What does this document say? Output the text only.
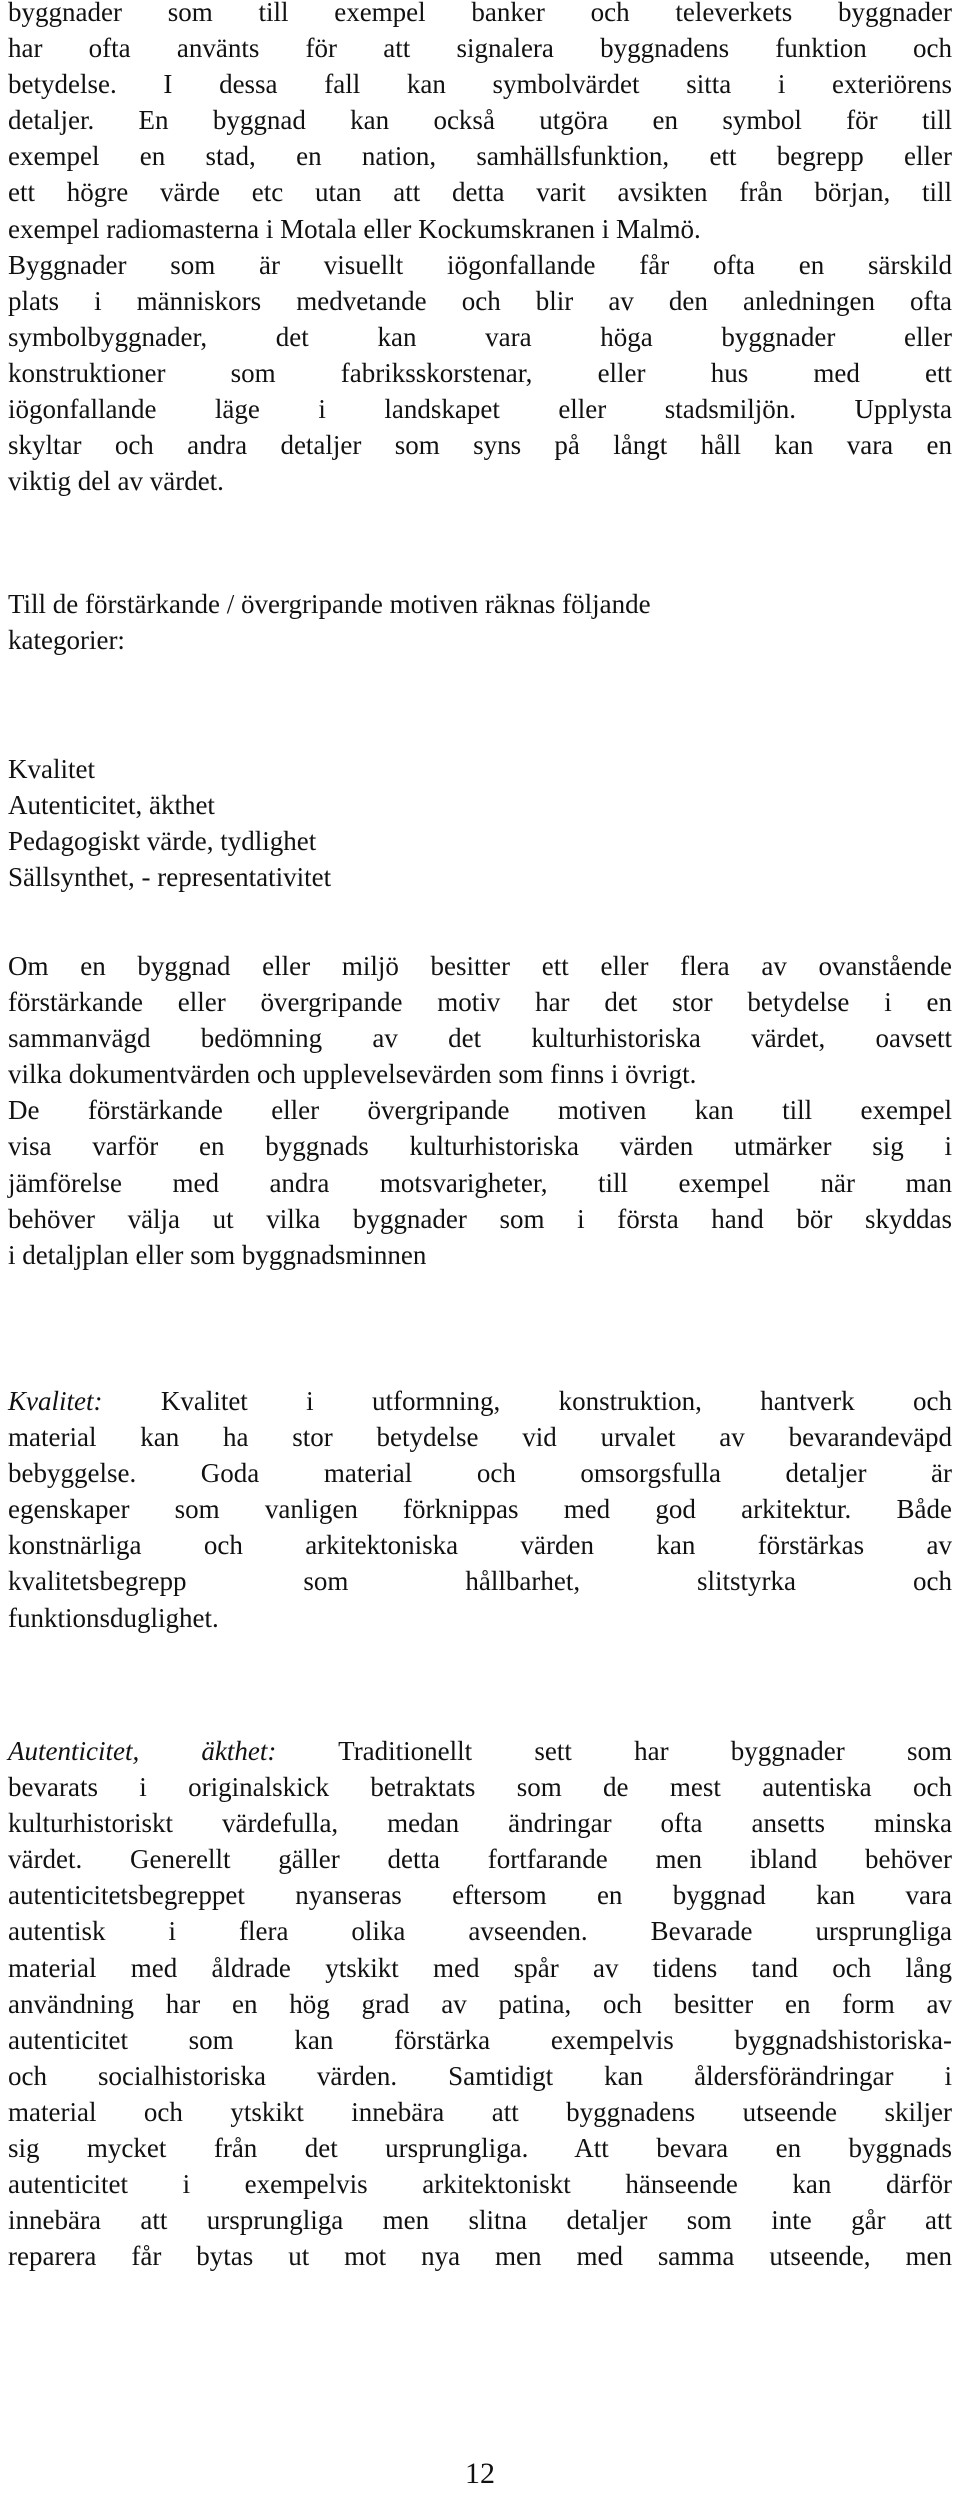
byggnader som till exempel banker och televerkets byggnader
har ofta använts för att signalera byggnadens funktion och
betydelse. I dessa fall kan symbolvärdet sitta i exteriörens
detaljer. En byggnad kan också utgöra en symbol för till
exempel en stad, en nation, samhällsfunktion, ett begrepp eller
ett högre värde etc utan att detta varit avsikten från början, till
exempel radiomasterna i Motala eller Kockumskranen i Malmö.
Byggnader som är visuellt iögonfallande får ofta en särskild
plats i människors medvetande och blir av den anledningen ofta
symbolbyggnader, det kan vara höga byggnader eller
konstruktioner som fabriksskorstenar, eller hus med ett
iögonfallande läge i landskapet eller stadsmiljön. Upplysta
skyltar och andra detaljer som syns på långt håll kan vara en
viktig del av värdet.
Till de förstärkande / övergripande motiven räknas följande
kategorier:
Kvalitet
Autenticitet, äkthet
Pedagogiskt värde, tydlighet
Sällsynthet, - representativitet
Om en byggnad eller miljö besitter ett eller flera av ovanstående
förstärkande eller övergripande motiv har det stor betydelse i en
sammanvägd bedömning av det kulturhistoriska värdet, oavsett
vilka dokumentvärden och upplevelsevärden som finns i övrigt.
De förstärkande eller övergripande motiven kan till exempel
visa varför en byggnads kulturhistoriska värden utmärker sig i
jämförelse med andra motsvarigheter, till exempel när man
behöver välja ut vilka byggnader som i första hand bör skyddas
i detaljplan eller som byggnadsminnen
Kvalitet: Kvalitet i utformning, konstruktion, hantverk och
material kan ha stor betydelse vid urvalet av bevarandeväрd
bebyggelse. Goda material och omsorgsfulla detaljer är
egenskaper som vanligen förknippas med god arkitektur. Både
konstnärliga och arkitektoniska värden kan förstärkas av
kvalitetsbegrepp som hållbarhet, slitstyrka och
funktionsduglighet.
Autenticitet, äkthet: Traditionellt sett har byggnader som
bevarats i originalskick betraktats som de mest autentiska och
kulturhistoriskt värdefulla, medan ändringar ofta ansetts minska
värdet. Generellt gäller detta fortfarande men ibland behöver
autenticitetsbegreppet nyanseras eftersom en byggnad kan vara
autentisk i flera olika avseenden. Bevarade ursprungliga
material med åldrade ytskikt med spår av tidens tand och lång
användning har en hög grad av patina, och besitter en form av
autenticitet som kan förstärka exempelvis byggnadshistoriska-
och socialhistoriska värden. Samtidigt kan åldersförändringar i
material och ytskikt innebära att byggnadens utseende skiljer
sig mycket från det ursprungliga. Att bevara en byggnads
autenticitet i exempelvis arkitektoniskt hänseende kan därför
innebära att ursprungliga men slitna detaljer som inte går att
reparera får bytas ut mot nya men med samma utseende, men
12
